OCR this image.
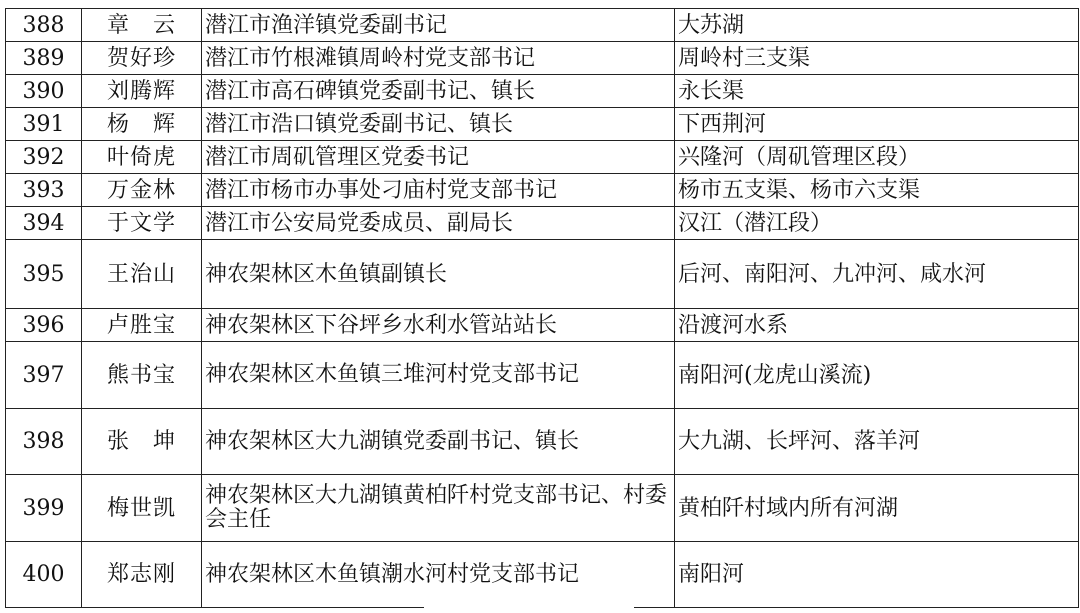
388	章　云	潜江市渔洋镇党委副书记	大苏湖
389	贺好珍	潜江市竹根滩镇周岭村党支部书记	周岭村三支渠
390	刘腾辉	潜江市高石碑镇党委副书记、镇长	永长渠
391	杨　辉	潜江市浩口镇党委副书记、镇长	下西荆河
392	叶倚虎	潜江市周矶管理区党委书记	兴隆河（周矶管理区段）
393	万金林	潜江市杨市办事处刁庙村党支部书记	杨市五支渠、杨市六支渠
394	于文学	潜江市公安局党委成员、副局长	汉江（潜江段）
395	王治山	神农架林区木鱼镇副镇长	后河、南阳河、九冲河、咸水河
396	卢胜宝	神农架林区下谷坪乡水利水管站站长	沿渡河水系
397	熊书宝	神农架林区木鱼镇三堆河村党支部书记	南阳河(龙虎山溪流)
398	张　坤	神农架林区大九湖镇党委副书记、镇长	大九湖、长坪河、落羊河
399	梅世凯	神农架林区大九湖镇黄柏阡村党支部书记、村委会主任	黄柏阡村域内所有河湖
400	郑志刚	神农架林区木鱼镇潮水河村党支部书记	南阳河
